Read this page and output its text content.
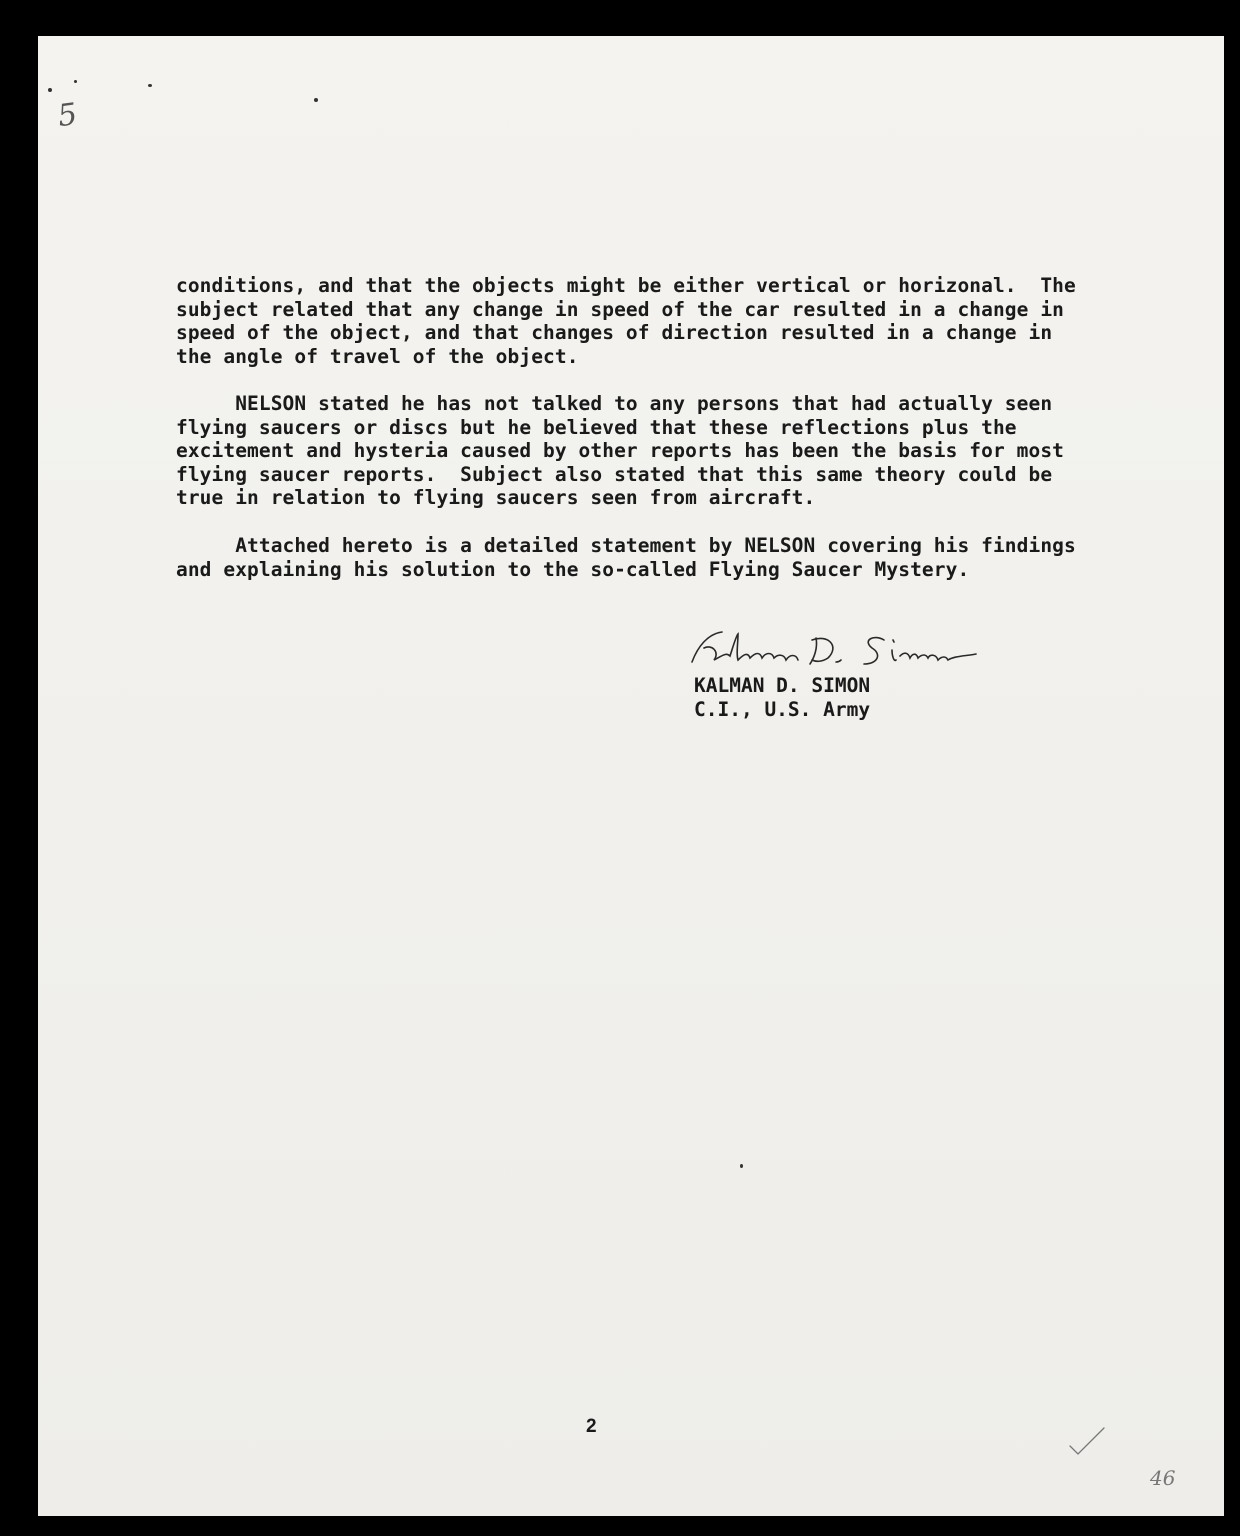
5

conditions, and that the objects might be either vertical or horizonal.  The
subject related that any change in speed of the car resulted in a change in
speed of the object, and that changes of direction resulted in a change in
the angle of travel of the object.

NELSON stated he has not talked to any persons that had actually seen
flying saucers or discs but he believed that these reflections plus the
excitement and hysteria caused by other reports has been the basis for most
flying saucer reports.  Subject also stated that this same theory could be
true in relation to flying saucers seen from aircraft.

Attached hereto is a detailed statement by NELSON covering his findings
and explaining his solution to the so-called Flying Saucer Mystery.

KALMAN D. SIMON

C.I., U.S. Army

2
46
